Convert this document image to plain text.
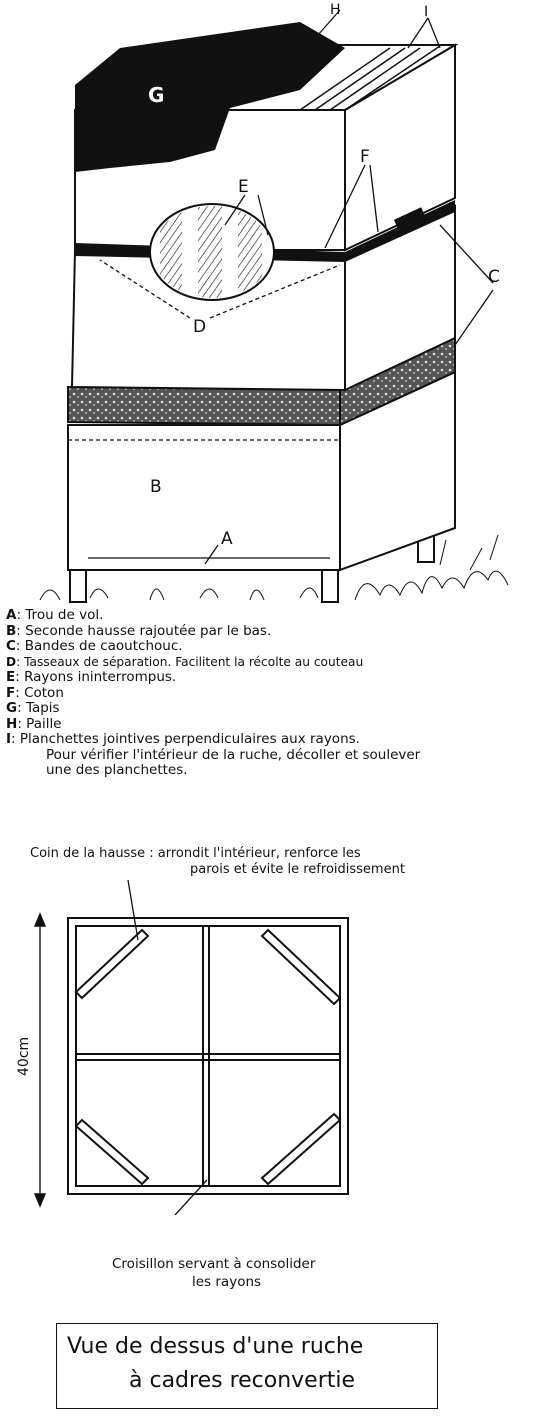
G
H	I
E
F
C
D
B
A
A: Trou de vol.
B: Seconde hausse rajoutée par le bas.
C: Bandes de caoutchouc.
D: Tasseaux de séparation. Facilitent la récolte au couteau
E: Rayons ininterrompus.
F: Coton
G: Tapis
H: Paille
I: Planchettes jointives perpendiculaires aux rayons.
Pour vérifier l'intérieur de la ruche, décoller et soulever
une des planchettes.
Coin de la hausse : arrondit l'intérieur, renforce les
parois et évite le refroidissement
40cm
Croisillon servant à consolider
les rayons
Vue de dessus d'une ruche
à cadres reconvertie
